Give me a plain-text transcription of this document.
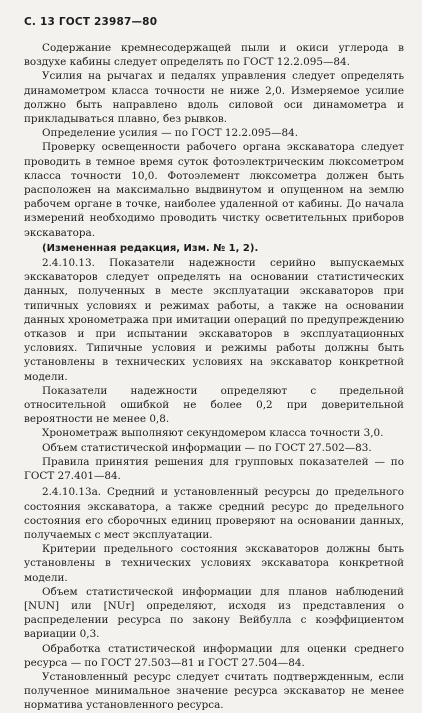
С. 13 ГОСТ 23987—80

Содержание кремнесодержащей пыли и окиси углерода в воздухе кабины следует определять по ГОСТ 12.2.095—84.

Усилия на рычагах и педалях управления следует определять динамометром класса точности не ниже 2,0. Измеряемое усилие должно быть направлено вдоль силовой оси динамометра и прикладываться плавно, без рывков.

Определение усилия — по ГОСТ 12.2.095—84.

Проверку освещенности рабочего органа экскаватора следует проводить в темное время суток фотоэлектрическим люксометром класса точности 10,0. Фотоэлемент люксометра должен быть расположен на максимально выдвинутом и опущенном на землю рабочем органе в точке, наиболее удаленной от кабины. До начала измерений необходимо проводить чистку осветительных приборов экскаватора.

(Измененная редакция, Изм. № 1, 2).

2.4.10.13. Показатели надежности серийно выпускаемых экскаваторов следует определять на основании статистических данных, полученных в месте эксплуатации экскаваторов при типичных условиях и режимах работы, а также на основании данных хронометража при имитации операций по предупреждению отказов и при испытании экскаваторов в эксплуатационных условиях. Типичные условия и режимы работы должны быть установлены в технических условиях на экскаватор конкретной модели.

Показатели надежности определяют с предельной относительной ошибкой не более 0,2 при доверительной вероятности не менее 0,8.

Хронометраж выполняют секундомером класса точности 3,0.

Объем статистической информации — по ГОСТ 27.502—83.

Правила принятия решения для групповых показателей — по ГОСТ 27.401—84.

2.4.10.13а. Средний и установленный ресурсы до предельного состояния экскаватора, а также средний ресурс до предельного состояния его сборочных единиц проверяют на основании данных, получаемых с мест эксплуатации.

Критерии предельного состояния экскаваторов должны быть установлены в технических условиях экскаватора конкретной модели.

Объем статистической информации для планов наблюдений [NUN] или [NUr] определяют, исходя из представления о распределении ресурса по закону Вейбулла с коэффициентом вариации 0,3.

Обработка статистической информации для оценки среднего ресурса — по ГОСТ 27.503—81 и ГОСТ 27.504—84.

Установленный ресурс следует считать подтвержденным, если полученное минимальное значение ресурса экскаватор не менее норматива установленного ресурса.
